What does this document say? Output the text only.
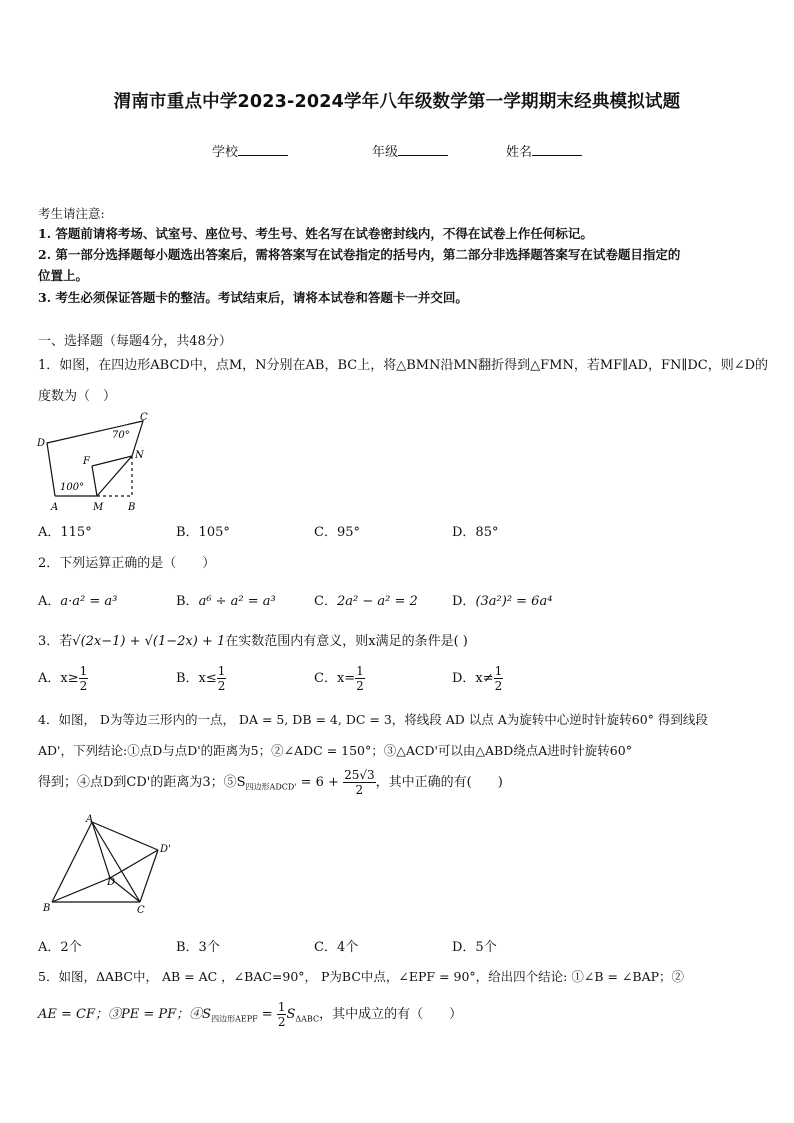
渭南市重点中学2023-2024学年八年级数学第一学期期末经典模拟试题
学校	年级	姓名
考生请注意:
1. 答题前请将考场、试室号、座位号、考生号、姓名写在试卷密封线内，不得在试卷上作任何标记。
2. 第一部分选择题每小题选出答案后，需将答案写在试卷指定的括号内，第二部分非选择题答案写在试卷题目指定的
位置上。
3. 考生必须保证答题卡的整洁。考试结束后，请将本试卷和答题卡一并交回。
一、选择题（每题4分，共48分）
1．如图，在四边形ABCD中，点M，N分别在AB，BC上，将△BMN沿MN翻折得到△FMN，若MF∥AD，FN∥DC，则∠D的
度数为（　）
A	B
C
D
M
N
F
70°
100°
A．115°	B．105°	C．95°	D．85°
2．下列运算正确的是（　　）
A．a·a² = a³	B．a⁶ ÷ a² = a³	C．2a² − a² = 2	D．(3a²)² = 6a⁴
3．若√(2x−1) + √(1−2x) + 1在实数范围内有意义，则x满足的条件是( )
A．$x\ge \frac{1}{2}$	B．$x\le \frac{1}{2}$	C．$x= \frac{1}{2}$	D．$x\ne \frac{1}{2}$
4．如图， D为等边三形内的一点， DA = 5, DB = 4, DC = 3，将线段 AD 以点 A为旋转中心逆时针旋转60° 得到线段
AD'，下列结论:①点D与点D'的距离为5；②∠ADC = 150°；③△ACD'可以由△ABD绕点A进时针旋转60°
得到；④点D到CD'的距离为3；$⑤S_{四边形ADCD'} = 6 + \frac{25√3}{2}$ ，其中正确的有(　　)
A
B	C
D
D'
A．2个	B．3个	C．4个	D．5个
5．如图，ΔABC中， AB = AC ，∠BAC=90°， P为BC中点，∠EPF = 90°，给出四个结论: ①∠B = ∠BAP；②
AE = CF；③PE = PF；$④S_{四边形AEPF} = \frac{1}{2} S_{\Delta ABC}$，其中成立的有（　　）
